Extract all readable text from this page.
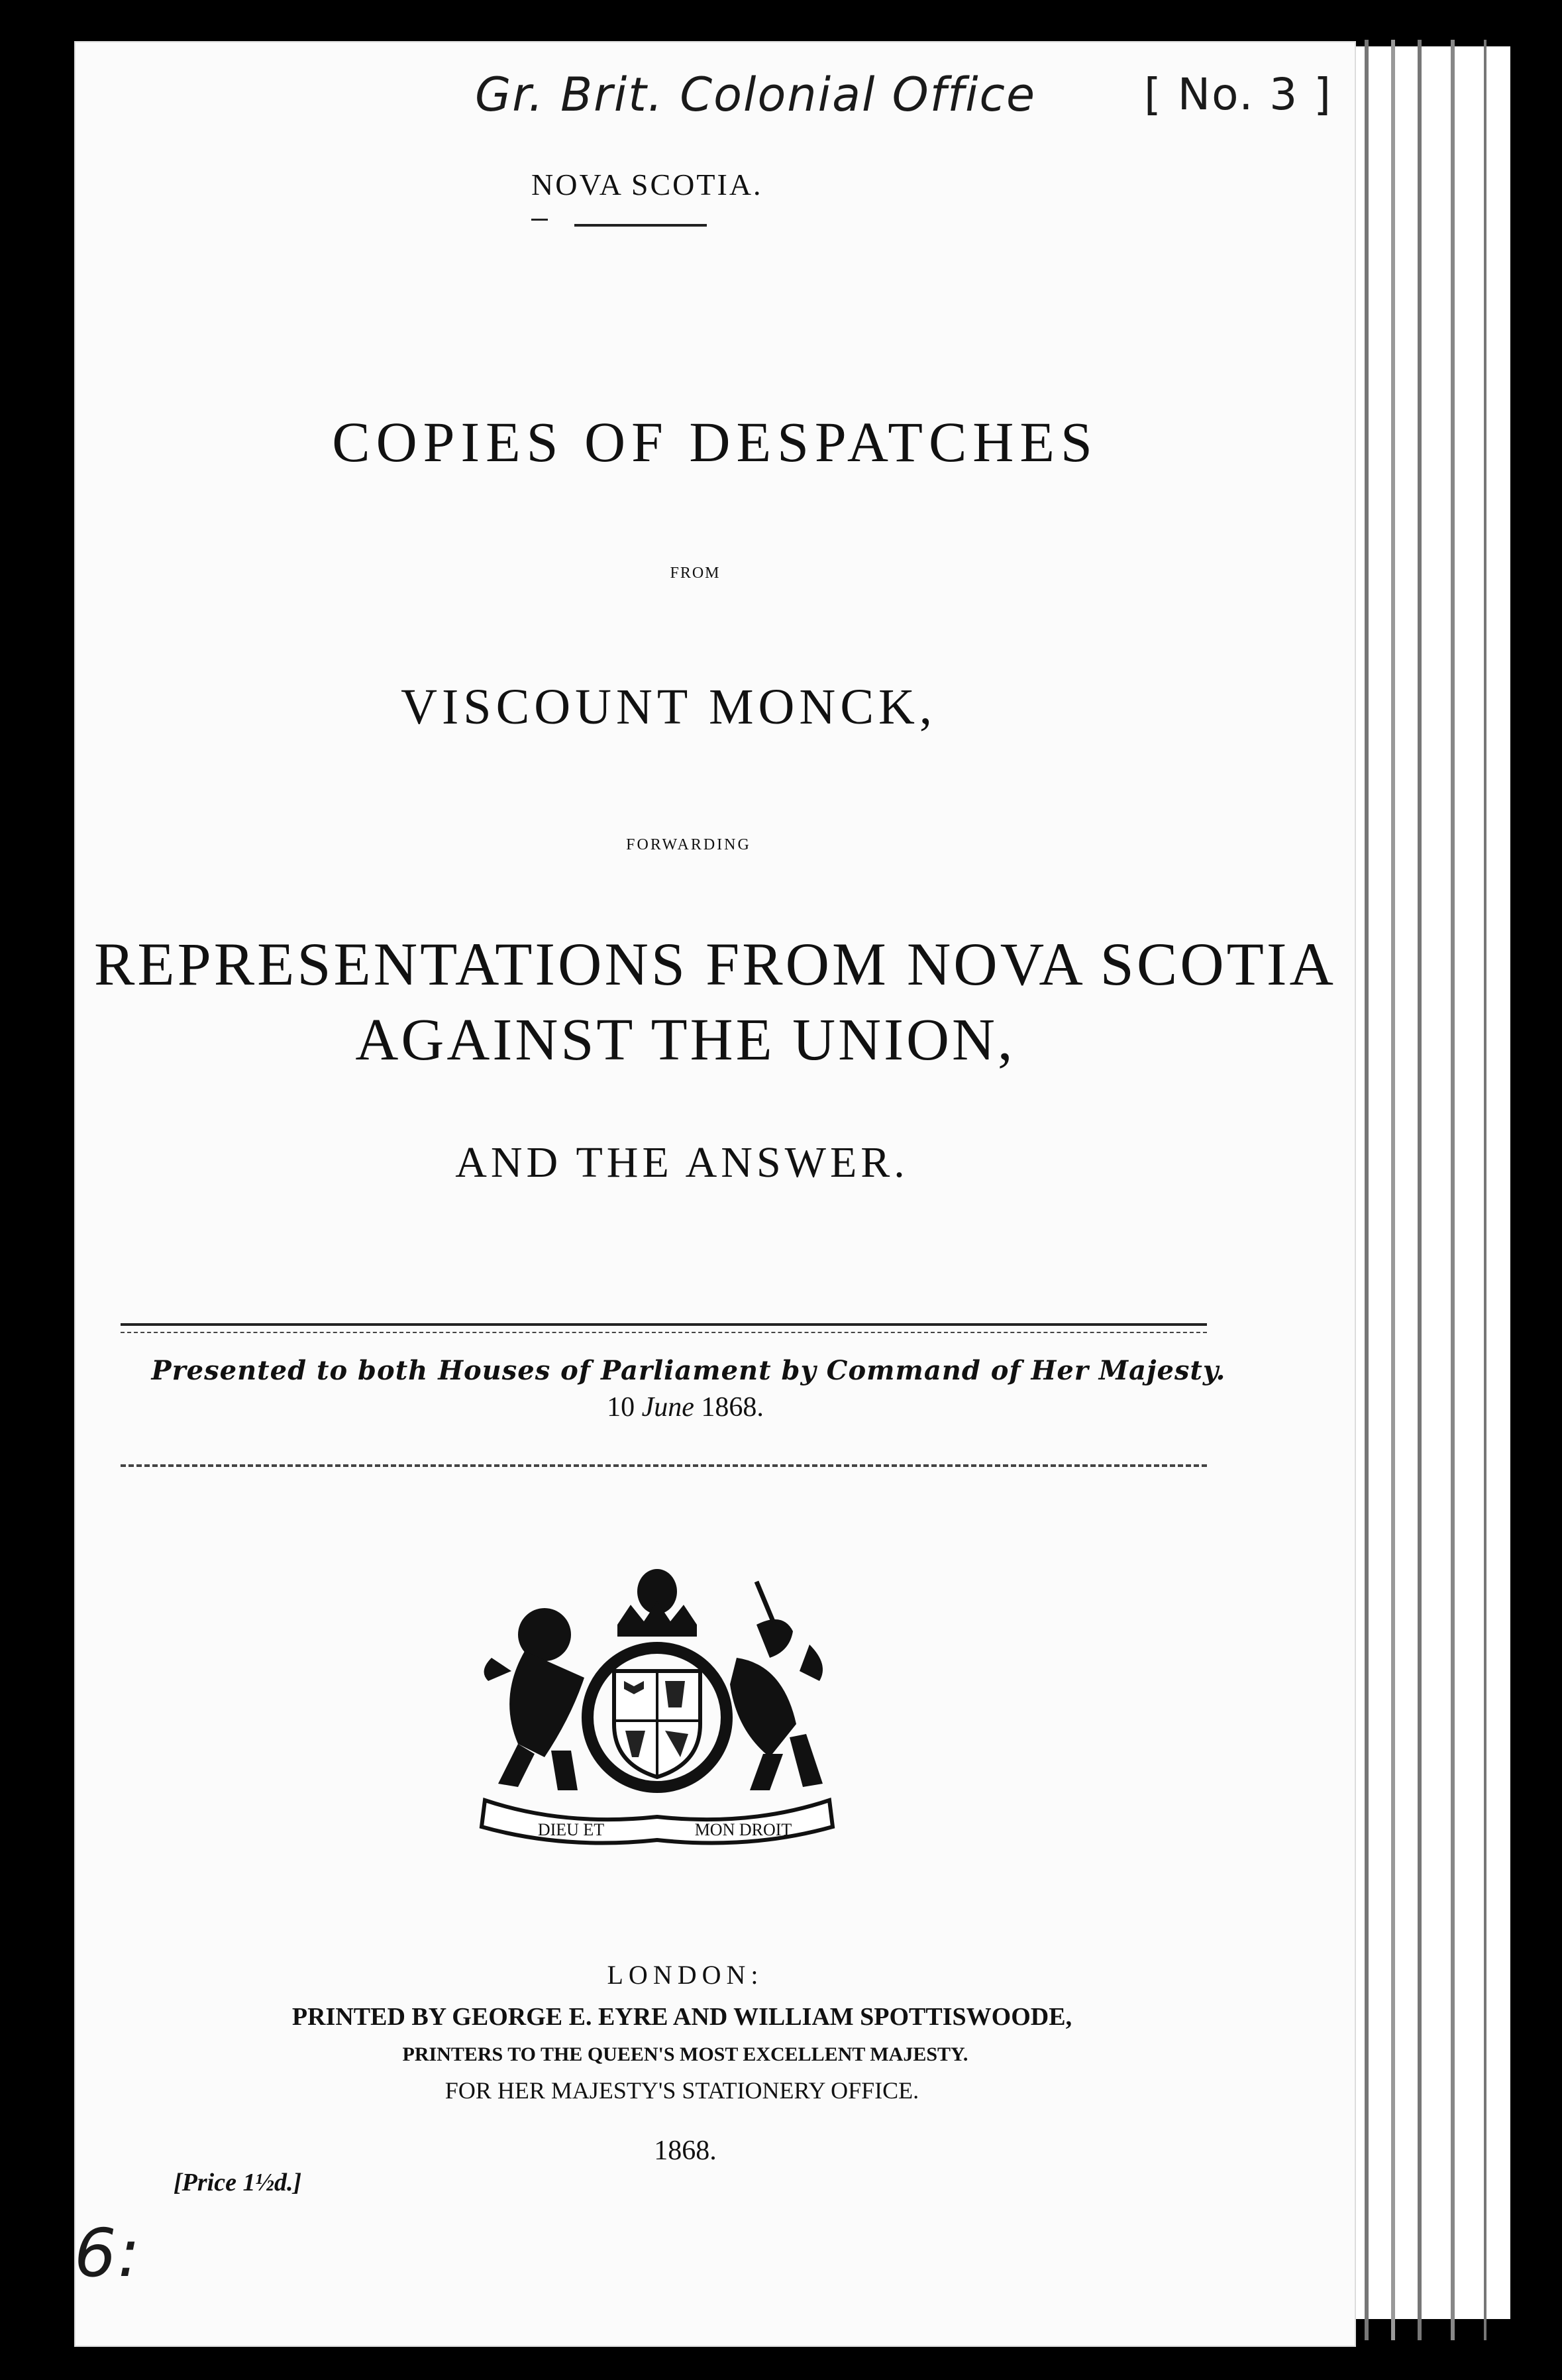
Gr. Brit. Colonial Office [ No. 3 ]
6:
NOVA SCOTIA.
COPIES OF DESPATCHES
FROM
VISCOUNT MONCK,
FORWARDING
REPRESENTATIONS FROM NOVA SCOTIA
AGAINST THE UNION,
AND THE ANSWER.
Presented to both Houses of Parliament by Command of Her Majesty.
10 June 1868.
DIEU ET	MON DROIT
LONDON:
PRINTED BY GEORGE E. EYRE AND WILLIAM SPOTTISWOODE,
PRINTERS TO THE QUEEN'S MOST EXCELLENT MAJESTY.
FOR HER MAJESTY'S STATIONERY OFFICE.
1868.
[Price 1½d.]
